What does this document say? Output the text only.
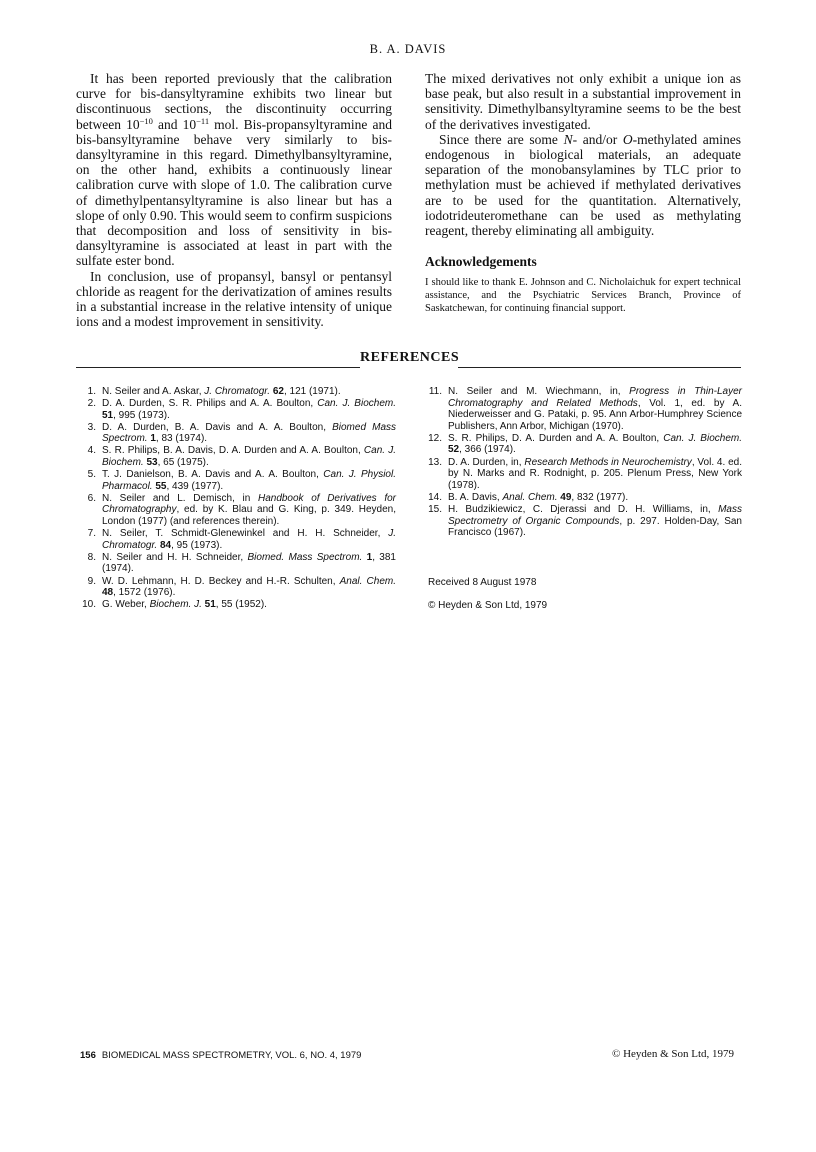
B. A. DAVIS

It has been reported previously that the calibration curve for bis-dansyltyramine exhibits two linear but discontinuous sections, the discontinuity occurring between $10^{-10}$ and $10^{-11}$ mol. Bis-propansyltyramine and bis-bansyltyramine behave very similarly to bis-dansyltyramine in this regard. Dimethylbansyltyramine, on the other hand, exhibits a continuously linear calibration curve with slope of 1.0. The calibration curve of dimethylpentansyltyramine is also linear but has a slope of only 0.90. This would seem to confirm suspicions that decomposition and loss of sensitivity in bis-dansyltyramine is associated at least in part with the sulfate ester bond.

In conclusion, use of propansyl, bansyl or pentansyl chloride as reagent for the derivatization of amines results in a substantial increase in the relative intensity of unique ions and a modest improvement in sensitivity.

The mixed derivatives not only exhibit a unique ion as base peak, but also result in a substantial improvement in sensitivity. Dimethylbansyltyramine seems to be the best of the derivatives investigated.

Since there are some N- and/or O-methylated amines endogenous in biological materials, an adequate separation of the monobansylamines by TLC prior to methylation must be achieved if methylated derivatives are to be used for the quantitation. Alternatively, iodotrideuteromethane can be used as methylating reagent, thereby eliminating all ambiguity.

Acknowledgements

I should like to thank E. Johnson and C. Nicholaichuk for expert technical assistance, and the Psychiatric Services Branch, Province of Saskatchewan, for continuing financial support.

REFERENCES
1. N. Seiler and A. Askar, J. Chromatogr. 62, 121 (1971).
2. D. A. Durden, S. R. Philips and A. A. Boulton, Can. J. Biochem. 51, 995 (1973).
3. D. A. Durden, B. A. Davis and A. A. Boulton, Biomed Mass Spectrom. 1, 83 (1974).
4. S. R. Philips, B. A. Davis, D. A. Durden and A. A. Boulton, Can. J. Biochem. 53, 65 (1975).
5. T. J. Danielson, B. A. Davis and A. A. Boulton, Can. J. Physiol. Pharmacol. 55, 439 (1977).
6. N. Seiler and L. Demisch, in Handbook of Derivatives for Chromatography, ed. by K. Blau and G. King, p. 349. Heyden, London (1977) (and references therein).
7. N. Seiler, T. Schmidt-Glenewinkel and H. H. Schneider, J. Chromatogr. 84, 95 (1973).
8. N. Seiler and H. H. Schneider, Biomed. Mass Spectrom. 1, 381 (1974).
9. W. D. Lehmann, H. D. Beckey and H.-R. Schulten, Anal. Chem. 48, 1572 (1976).
10. G. Weber, Biochem. J. 51, 55 (1952).
11. N. Seiler and M. Wiechmann, in, Progress in Thin-Layer Chromatography and Related Methods, Vol. 1, ed. by A. Niederweisser and G. Pataki, p. 95. Ann Arbor-Humphrey Science Publishers, Ann Arbor, Michigan (1970).
12. S. R. Philips, D. A. Durden and A. A. Boulton, Can. J. Biochem. 52, 366 (1974).
13. D. A. Durden, in, Research Methods in Neurochemistry, Vol. 4. ed. by N. Marks and R. Rodnight, p. 205. Plenum Press, New York (1978).
14. B. A. Davis, Anal. Chem. 49, 832 (1977).
15. H. Budzikiewicz, C. Djerassi and D. H. Williams, in, Mass Spectrometry of Organic Compounds, p. 297. Holden-Day, San Francisco (1967).
Received 8 August 1978
© Heyden & Son Ltd, 1979
156 BIOMEDICAL MASS SPECTROMETRY, VOL. 6, NO. 4, 1979	© Heyden & Son Ltd, 1979
